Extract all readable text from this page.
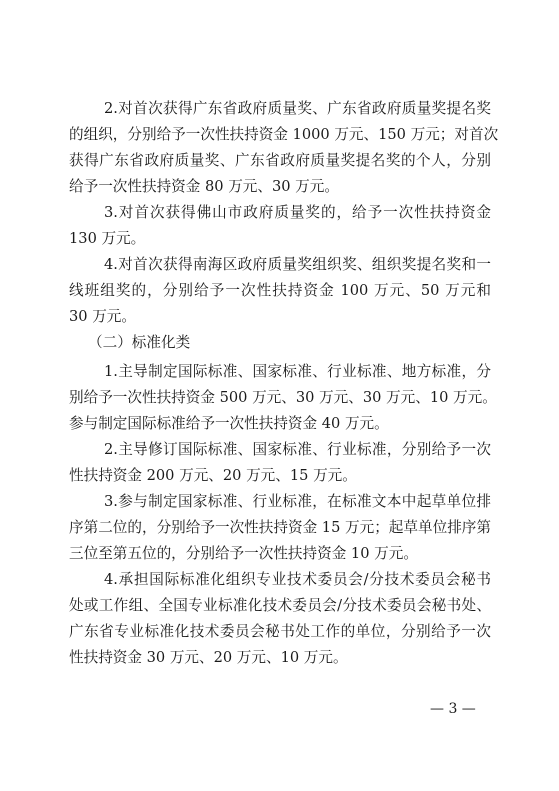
2.对首次获得广东省政府质量奖、广东省政府质量奖提名奖
的组织，分别给予一次性扶持资金 1000 万元、150 万元；对首次
获得广东省政府质量奖、广东省政府质量奖提名奖的个人，分别
给予一次性扶持资金 80 万元、30 万元。
3.对首次获得佛山市政府质量奖的，给予一次性扶持资金
130 万元。
4.对首次获得南海区政府质量奖组织奖、组织奖提名奖和一
线班组奖的，分别给予一次性扶持资金 100 万元、50 万元和
30 万元。
（二）标准化类
1.主导制定国际标准、国家标准、行业标准、地方标准，分
别给予一次性扶持资金 500 万元、30 万元、30 万元、10 万元。
参与制定国际标准给予一次性扶持资金 40 万元。
2.主导修订国际标准、国家标准、行业标准，分别给予一次
性扶持资金 200 万元、20 万元、15 万元。
3.参与制定国家标准、行业标准，在标准文本中起草单位排
序第二位的，分别给予一次性扶持资金 15 万元；起草单位排序第
三位至第五位的，分别给予一次性扶持资金 10 万元。
4.承担国际标准化组织专业技术委员会/分技术委员会秘书
处或工作组、全国专业标准化技术委员会/分技术委员会秘书处、
广东省专业标准化技术委员会秘书处工作的单位，分别给予一次
性扶持资金 30 万元、20 万元、10 万元。
— 3 —
